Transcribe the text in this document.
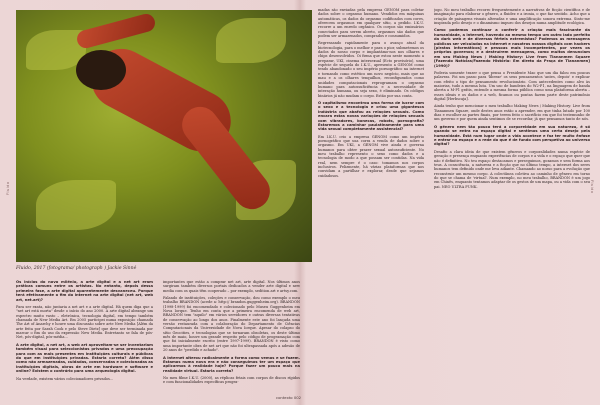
Fluido, 2017 (fotograma/ photograph ) Jackie Sinné
Fluido	Fluido

Os inícios do novo milénio, a arte digital e a net art eram práticas comuns entre os artistas. No entanto, depois dessa primeira fase, a arte digital aparentemente desvaneceu. Porque terá efetivamente o fim do internet na arte digital (net art, web art, net.art)?

Para ser exata, não juntaria a net art e a arte digital. Há quem diga que a "net art está morta" desde o início do ano 2000. A arte digital abrange um espectro muito vasto – eletrónica, tecnologia digital, em tempo também chamada de New Media Art. Em 2005 participei numa exposição chamada The Art of Anarchy e houve uma discussão sobre arte New Media [Além da arte feita por Sarah Cook e pelo Steve Dietz] que deve ser terminada por marcar o fim do uso da expressão New Media. Entretanto se fala de pós-Net, pós-digital, pós-média...

A arte digital, a net art, a web art aproveitam-se ser inventariam também visual para seleccionistas privados e uma preocupação para com as mais presentes em instituições culturais e públicas do que em instituições privadas. Estaria correta? Além disso como não armazenadas, cuidadas, conservadas e colecionadas as instituições digitais, obras de arte em hardware e software e online? Existem o contrário para uma arqueologia digital.

Na verdade, existem vários colecionadores privados...

importantes que estão a comprar net art, arte digital. Nos últimos anos surgiram também diversos portais dedicados a vender arte digital e new media com os quais têm cooperado – por exemplo, sedition.art e artsy.com.

Falando de instituições, coleções e conservação, dou como exemplo o meu trabalho BRANDON (acede a: http:// brandon.guggenheim.org). BRANDON (1998-1999) foi encomendado e colecionado pelo Museu Guggenheim em Nova Iorque. Tenho em conta que a primeira encomenda de web art, BRANDON tem "aquilo" em vários servidores e outras diversas tentativas de conservação ao longo dos anos. Finalmente este ano foi lançada uma versão restaurada com a colaboração do Departamento de Ciências Computacionais da Universidade de Nova Iorque. Apesar do colapso do sítio Geocities, e tecnologias que se tornaram obsoletas, os deste último mês de maio, houve um grande respeito pelo código de programação com que foi inicialmente escrito (entre 1997-1999). BRANDON é visto como uma importante obra de net art que não foi ultrapassada após a adesão de 20 anos de "perdido e achado".

A internet alterou radicalmente a forma como vemos e se fazem. Estamos numa nova era e não conseguimos ter um espaço que aplicarmos à realidade hoje? Porque fazer um pouco mais na realidade virtual. Estaria correta?

No meu filme I.K.U. (2000), as réplicas fetais com corpos de discos rígidos e com funcionalidades específicas progra-

madas são enviadas pela empresa GENOM para coletar dados sobre o orgasmo humano. Vendidos em máquinas automáticas, os dados do orgasmo codificados com cores, oferecem orgasmos em qualquer sítio, a pedido. I.K.U. recorre a um enredo orgânico. Os corpos são emissários conectados para serem aberto, orgasmos são dados que podem ser armazenados, comprados e consumidos.

Regressando rapidamente para o avanço atual da biotecnologia, para o melhor e para o pior, submetemos os dados do nosso corpo e implantámo-nos nos olhares e chips desenvolvidos. Oi firma que estou neste momento a preparar, UKI, cinema intersexual (Ecto provisório), uma espécie de sequela do I.K.U., apresento a GENOM como tendo abandonado o seu império pornográfico na internet e tornando como estético um novo negócio, mais que ao mau e a os olhares tenquilhos, reconfigurados como unidades computacionais reprogramam o orgasmo humano para autossuficiência e a necessidade de interação humana, ou seja sexo, é eliminado. Os códigos binários já não mudam o corpo. Estão por sua conta.

O capitalismo encontrou uma forma de lucrar com o sexo e a tecnologia e criou uma gigantesca indústria que abafou as relações sexuais. Como encara estas novas variações de relações sexuais com vibradores, bonecas, robots, pornografia? Estaremos a caminhar paulatinamente para uma vida sexual completamente assistencial?

Em I.K.U. crio a empresa GENOM como um império pornográfico que usa corra a venda de dados sobre o orgasmo. Em UKI, a GENOM vive ainda e governa humanos para obter prazer sexual autossuficiente. No meu trabalho represento o sexo como dados e a tecnologia de modo a que possam ser contidas. Na vida real, nem sempre é o caso: tomamos nos corpos inclusivos. Felizmente, há várias plataformas que nos convidam a partilhar e explorar, desde que sejamos cuidadosos.

jogo. No meu trabalho recorro frequentemente a narrativas de ficção científica e de imaginação para elaborar o gênero, a fluidez e a ironia, o que faz sentido. Acho que a criação de paisagens visuais alteradas e uma amplificação sonora extrema. Sinto-me inspirada pelo desejo e o dinamismo impuro dos desejos numa amplitude ecológica.

Como podemos continuar a conferir a criação mais fascinante da humanidade, a internet, havendo ao mesmo tempo um outro lado perfeito da dark web e de diversas férteis extremistas? Podemos as mensagens públicas ser veiculadas na internet e nosotros nossos digitais com hackers [piratas informáticos] e pessoas mais incompetentes, por vezes os próprios governos; e a destruírem mensagens, como muitos denunciam em seu Making News / Making History: Live from Tiananmen Square [Fazendo Notícias/Fazendo História: Em direto da Praça de Tiananmen] (1990)?

Poderia somente trazer o que pensa o Presidente Mao que um dia falou em poucas palavras. Foi um passo para 'liberar' os seus pensamentos 'antes, depois' e explicar com efeito o tipo de pensamento revolucionário. Com antecedentes como alvo às maiorias, tudo a mesma luta. Um uso de bandeira do W2-P1, na linguagem de banda aberta a M-P1 grátis, entende a mesma forma pública como uma plataforma aberta – esses ideais e os dados e a web, ficamos ou pontas fazem parte deste patrimônio digital [Herbscaja].

Ainda tenho que mencionar o meu trabalho Making News / Making History: Live from Tiananmen Square, onde destes anos estão a aprender, em que tinha lutado por 100 dias e escolher as partes finais, por terem feito o sacrifício em que foi testemunho de um governo e por quem ainda sentimos de se recordar, já que pensamos tanto de nós.

O género nem tão pouco terá a corporeidade em sua natureza, é só quando se entra no espaço digital e sentimos uma certa desejo pela humanidade. Está num lugar onde a vida acontece e faz ter muito ênfase e entrar no espaço e a rede do que é de fundo com perspetiva ao universo digital?

Desafio a clara ideia de que existem gêneros e corporalidades numa espécie de geração e presença enquanto experiências de corpos e a vida e o espaço que quer que não é definitivo. No teu espaço destacamos e perseguimos, gozamos e sem forma aos teus. A consciência, a natureza e a ficção que no último tempo, a internet dos seres humanos tem definido onde me leva adiante. Chamando ao nosso para a evolução que reconstruir um mesmo corpo. A colectânea coletiva ao caminho de gênero em torno do que se chama de 'virtual'. Num exemplo, no meu trabalho, BRANDON é um jogo em Chinês, enquanto tentamos adaptar de os gestos de um mapa, ou a vida com o seu pai. NEO ULTRA FUNK.

contexto 002
